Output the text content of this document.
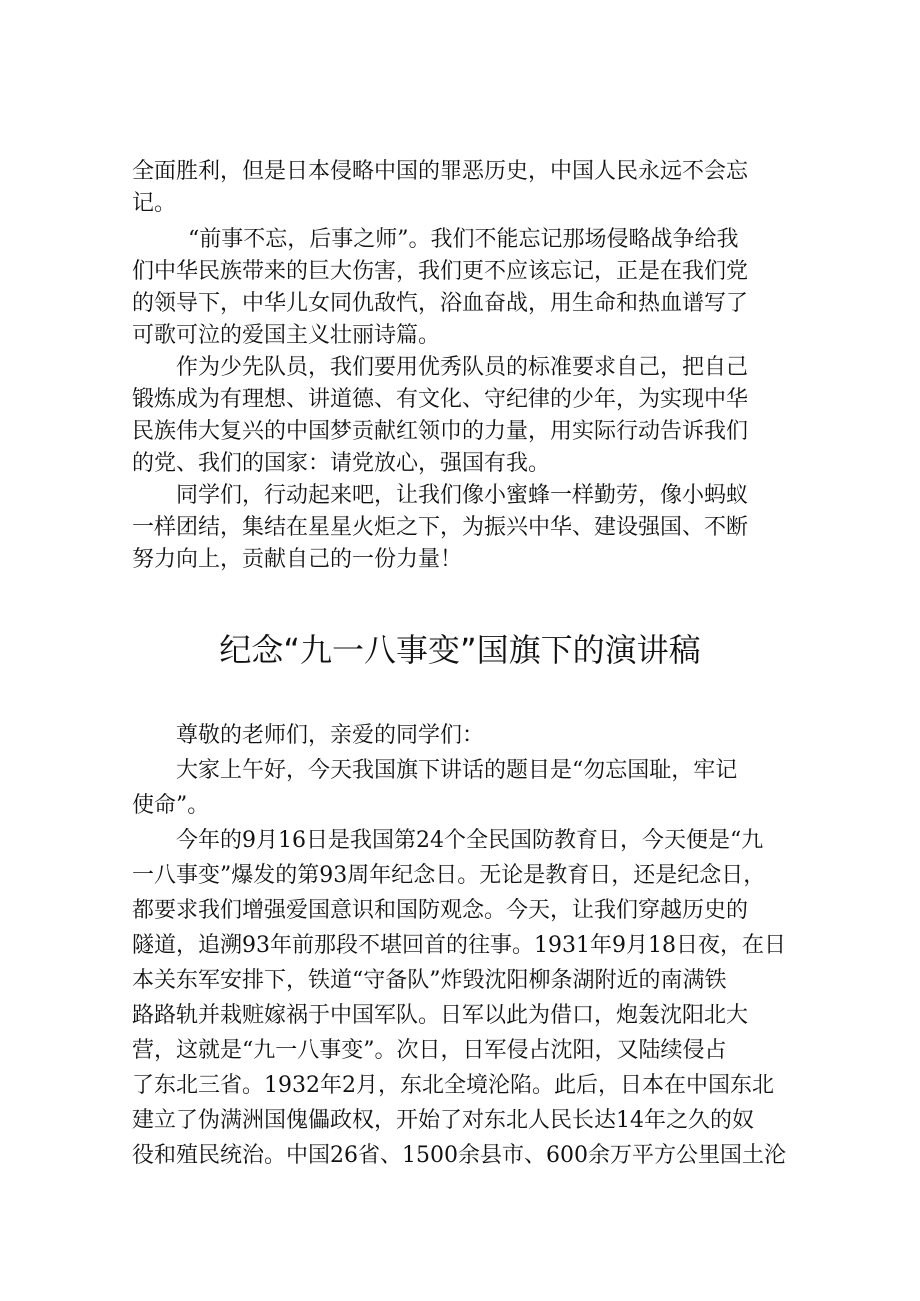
全面胜利，但是日本侵略中国的罪恶历史，中国人民永远不会忘
记。
“前事不忘，后事之师”。我们不能忘记那场侵略战争给我
们中华民族带来的巨大伤害，我们更不应该忘记，正是在我们党
的领导下，中华儿女同仇敌忾，浴血奋战，用生命和热血谱写了
可歌可泣的爱国主义壮丽诗篇。
作为少先队员，我们要用优秀队员的标准要求自己，把自己
锻炼成为有理想、讲道德、有文化、守纪律的少年，为实现中华
民族伟大复兴的中国梦贡献红领巾的力量，用实际行动告诉我们
的党、我们的国家：请党放心，强国有我。
同学们，行动起来吧，让我们像小蜜蜂一样勤劳，像小蚂蚁
一样团结，集结在星星火炬之下，为振兴中华、建设强国、不断
努力向上，贡献自己的一份力量！
纪念“九一八事变”国旗下的演讲稿
尊敬的老师们，亲爱的同学们：
大家上午好，今天我国旗下讲话的题目是“勿忘国耻，牢记
使命”。
今年的9月16日是我国第24个全民国防教育日，今天便是“九
一八事变”爆发的第93周年纪念日。无论是教育日，还是纪念日，
都要求我们增强爱国意识和国防观念。今天，让我们穿越历史的
隧道，追溯93年前那段不堪回首的往事。1931年9月18日夜，在日
本关东军安排下，铁道“守备队”炸毁沈阳柳条湖附近的南满铁
路路轨并栽赃嫁祸于中国军队。日军以此为借口，炮轰沈阳北大
营，这就是“九一八事变”。次日，日军侵占沈阳，又陆续侵占
了东北三省。1932年2月，东北全境沦陷。此后，日本在中国东北
建立了伪满洲国傀儡政权，开始了对东北人民长达14年之久的奴
役和殖民统治。中国26省、1500余县市、600余万平方公里国土沦
